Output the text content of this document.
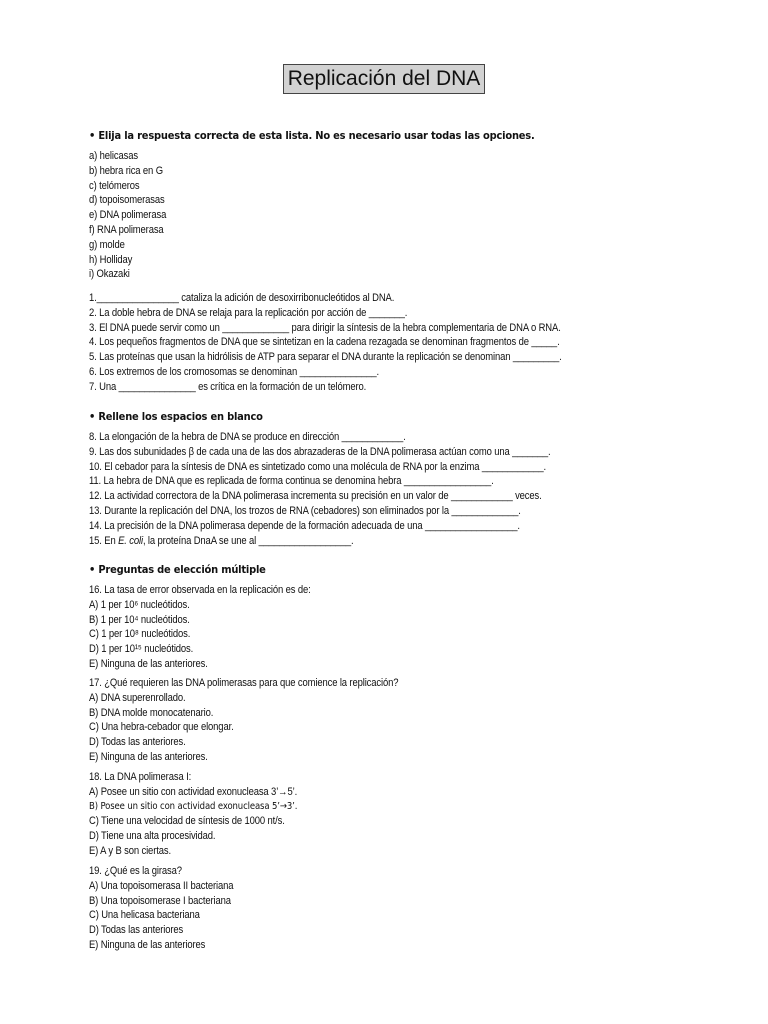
Replicación del DNA
• Elija la respuesta correcta de esta lista. No es necesario usar todas las opciones.
a) helicasas
b) hebra rica en G
c) telómeros
d) topoisomerasas
e) DNA polimerasa
f) RNA polimerasa
g) molde
h) Holliday
i) Okazaki
1.________________ cataliza la adición de desoxirribonucleótidos al DNA.
2. La doble hebra de DNA se relaja para la replicación por acción de _______.
3. El DNA puede servir como un _____________ para dirigir la síntesis de la hebra complementaria de DNA o RNA.
4. Los pequeños fragmentos de DNA que se sintetizan en la cadena rezagada se denominan fragmentos de _____.
5. Las proteínas que usan la hidrólisis de ATP para separar el DNA durante la replicación se denominan _________.
6. Los extremos de los cromosomas se denominan _______________.
7. Una _______________ es crítica en la formación de un telómero.
• Rellene los espacios en blanco
8. La elongación de la hebra de DNA se produce en dirección ____________.
9. Las dos subunidades β de cada una de las dos abrazaderas de la DNA polimerasa actúan como una _______.
10. El cebador para la síntesis de DNA es sintetizado como una molécula de RNA por la enzima ____________.
11. La hebra de DNA que es replicada de forma continua se denomina hebra _________________.
12. La actividad correctora de la DNA polimerasa incrementa su precisión en un valor de ____________ veces.
13. Durante la replicación del DNA, los trozos de RNA (cebadores) son eliminados por la _____________.
14. La precisión de la DNA polimerasa depende de la formación adecuada de una __________________.
15. En E. coli, la proteína DnaA se une al __________________.
• Preguntas de elección múltiple
16. La tasa de error observada en la replicación es de:
A) 1 per 10⁶ nucleótidos.
B) 1 per 10⁴ nucleótidos.
C) 1 per 10⁸ nucleótidos.
D) 1 per 10¹⁵ nucleótidos.
E) Ninguna de las anteriores.
17. ¿Qué requieren las DNA polimerasas para que comience la replicación?
A) DNA superenrollado.
B) DNA molde monocatenario.
C) Una hebra-cebador que elongar.
D) Todas las anteriores.
E) Ninguna de las anteriores.
18. La DNA polimerasa I:
A) Posee un sitio con actividad exonucleasa 3’→5’.
B) Posee un sitio con actividad exonucleasa 5’→3’.
C) Tiene una velocidad de síntesis de 1000 nt/s.
D) Tiene una alta procesividad.
E) A y B son ciertas.
19. ¿Qué es la girasa?
A) Una topoisomerasa II bacteriana
B) Una topoisomerase I bacteriana
C) Una helicasa bacteriana
D) Todas las anteriores
E) Ninguna de las anteriores
